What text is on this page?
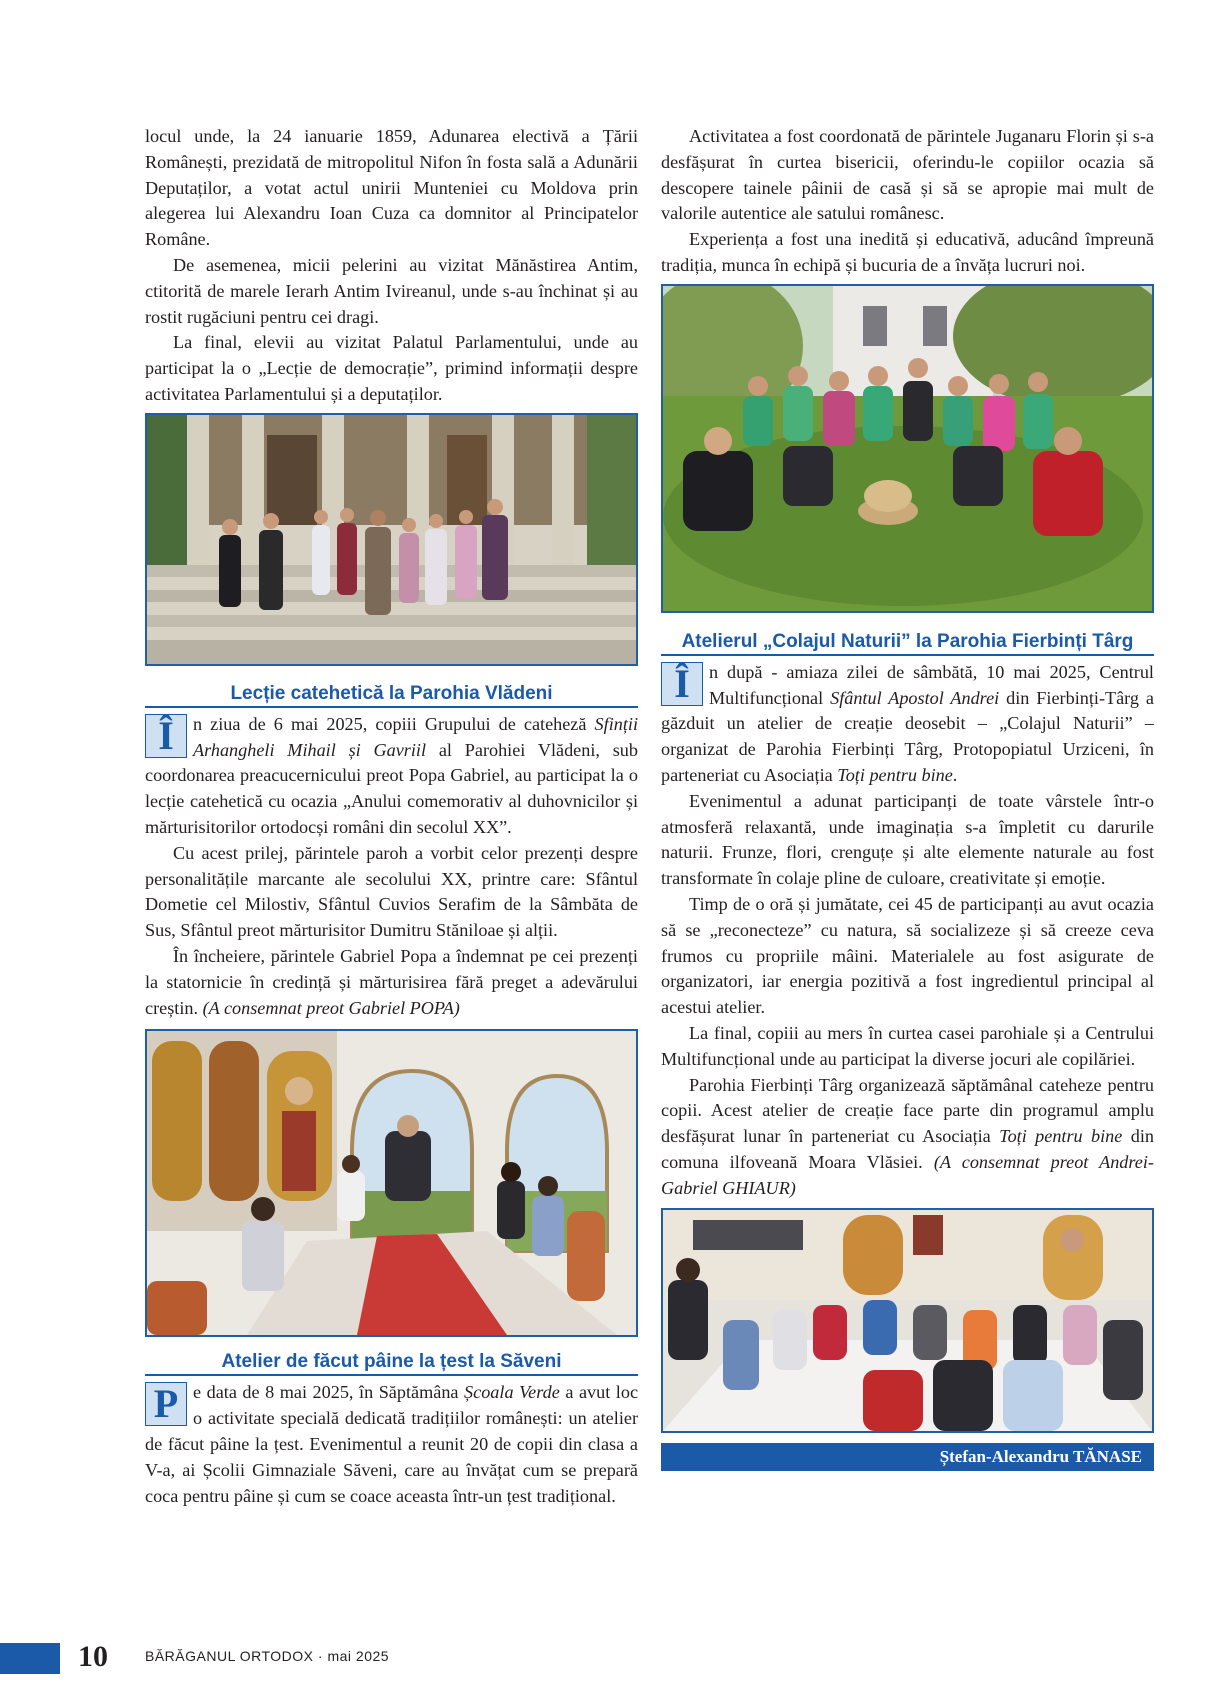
locul unde, la 24 ianuarie 1859, Adunarea electivă a Țării Românești, prezidată de mitropolitul Nifon în fosta sală a Adunării Deputaților, a votat actul unirii Munteniei cu Moldova prin alegerea lui Alexandru Ioan Cuza ca domnitor al Principatelor Române.

De asemenea, micii pelerini au vizitat Mănăstirea Antim, ctitorită de marele Ierarh Antim Ivireanul, unde s-au închinat și au rostit rugăciuni pentru cei dragi.

La final, elevii au vizitat Palatul Parlamentului, unde au participat la o „Lecție de democrație”, primind informații despre activitatea Parlamentului și a deputaților.

Lecție catehetică la Parohia Vlădeni

Î	n ziua de 6 mai 2025, copiii Grupului de cateheză Sfinții Arhangheli Mihail și Gavriil al Parohiei Vlădeni, sub coordonarea preacucernicului preot Popa Gabriel, au participat la o lecție catehetică cu ocazia „Anului comemorativ al duhovnicilor și mărturisitorilor ortodocși români din secolul XX”.

Cu acest prilej, părintele paroh a vorbit celor prezenți despre personalitățile marcante ale secolului XX, printre care: Sfântul Dometie cel Milostiv, Sfântul Cuvios Serafim de la Sâmbăta de Sus, Sfântul preot mărturisitor Dumitru Stăniloae și alții.

În încheiere, părintele Gabriel Popa a îndemnat pe cei prezenți la statornicie în credință și mărturisirea fără preget a adevărului creștin. (A consemnat preot Gabriel POPA)

Atelier de făcut pâine la țest la Săveni

P e data de 8 mai 2025, în Săptămâna Școala Verde a avut loc o activitate specială dedicată tradițiilor românești: un atelier de făcut pâine la țest. Evenimentul a reunit 20 de copii din clasa a V-a, ai Școlii Gimnaziale Săveni, care au învățat cum se prepară coca pentru pâine și cum se coace aceasta într-un țest tradițional.

Activitatea a fost coordonată de părintele Juganaru Florin și s-a desfășurat în curtea bisericii, oferindu-le copiilor ocazia să descopere tainele pâinii de casă și să se apropie mai mult de valorile autentice ale satului românesc.

Experiența a fost una inedită și educativă, aducând împreună tradiția, munca în echipă și bucuria de a învăța lucruri noi.

Atelierul „Colajul Naturii” la Parohia Fierbinți Târg

Î	n după - amiaza zilei de sâmbătă, 10 mai 2025, Centrul Multifuncțional Sfântul Apostol Andrei din Fierbinți-Târg a găzduit un atelier de creație deosebit – „Colajul Naturii” – organizat de Parohia Fierbinți Târg, Protopopiatul Urziceni, în parteneriat cu Asociația Toți pentru bine.

Evenimentul a adunat participanți de toate vârstele într-o atmosferă relaxantă, unde imaginația s-a împletit cu darurile naturii. Frunze, flori, crenguțe și alte elemente naturale au fost transformate în colaje pline de culoare, creativitate și emoție.

Timp de o oră și jumătate, cei 45 de participanți au avut ocazia să se „reconecteze” cu natura, să socializeze și să creeze ceva frumos cu propriile mâini. Materialele au fost asigurate de organizatori, iar energia pozitivă a fost ingredientul principal al acestui atelier.

La final, copiii au mers în curtea casei parohiale și a Centrului Multifuncțional unde au participat la diverse jocuri ale copilăriei.

Parohia Fierbinți Târg organizează săptămânal cateheze pentru copii. Acest atelier de creație face parte din programul amplu desfășurat lunar în parteneriat cu Asociația Toți pentru bine din comuna ilfoveană Moara Vlăsiei. (A consemnat preot Andrei-Gabriel GHIAUR)

Ștefan-Alexandru TĂNASE
10	BĂRĂGANUL ORTODOX · mai 2025
